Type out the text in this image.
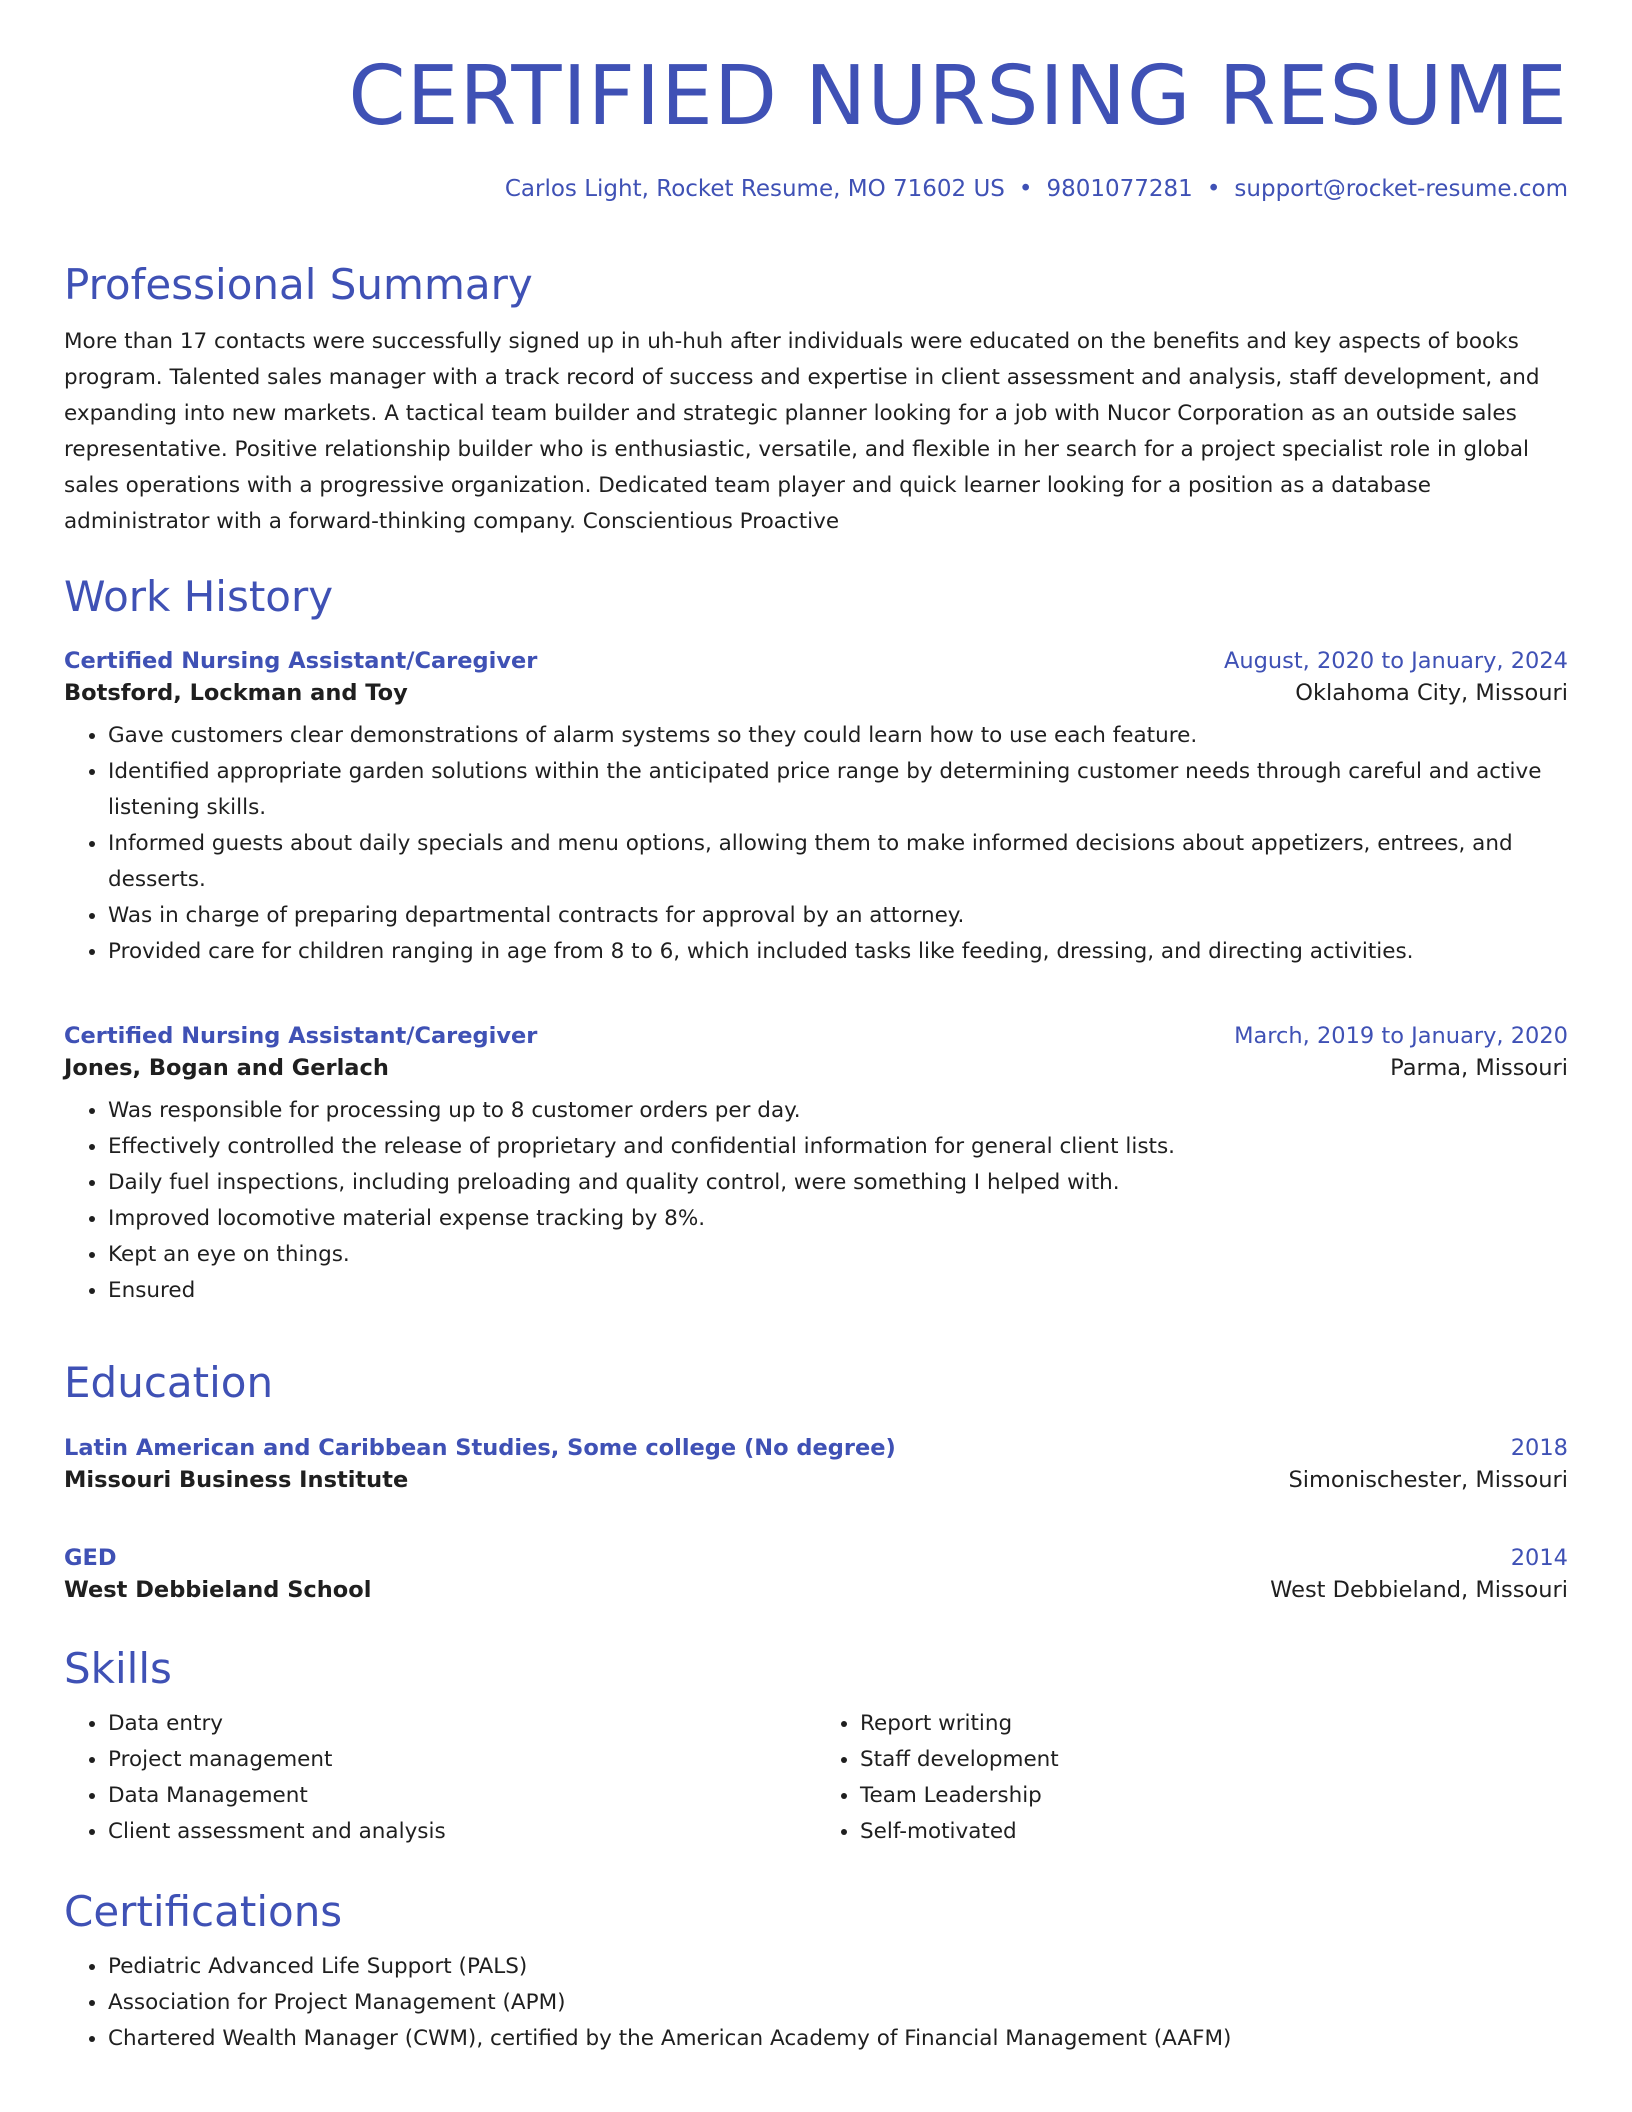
CERTIFIED NURSING RESUME
Carlos Light, Rocket Resume, MO 71602 US • 9801077281 • support@rocket-resume.com
Professional Summary

More than 17 contacts were successfully signed up in uh-huh after individuals were educated on the benefits and key aspects of books program. Talented sales manager with a track record of success and expertise in client assessment and analysis, staff development, and expanding into new markets. A tactical team builder and strategic planner looking for a job with Nucor Corporation as an outside sales representative. Positive relationship builder who is enthusiastic, versatile, and flexible in her search for a project specialist role in global sales operations with a progressive organization. Dedicated team player and quick learner looking for a position as a database administrator with a forward-thinking company. Conscientious Proactive

Work History
Certified Nursing Assistant/Caregiver	August, 2020 to January, 2024
Botsford, Lockman and Toy	Oklahoma City, Missouri
• Gave customers clear demonstrations of alarm systems so they could learn how to use each feature.
• Identified appropriate garden solutions within the anticipated price range by determining customer needs through careful and active listening skills.
• Informed guests about daily specials and menu options, allowing them to make informed decisions about appetizers, entrees, and desserts.
• Was in charge of preparing departmental contracts for approval by an attorney.
• Provided care for children ranging in age from 8 to 6, which included tasks like feeding, dressing, and directing activities.
Certified Nursing Assistant/Caregiver	March, 2019 to January, 2020
Jones, Bogan and Gerlach	Parma, Missouri
• Was responsible for processing up to 8 customer orders per day.
• Effectively controlled the release of proprietary and confidential information for general client lists.
• Daily fuel inspections, including preloading and quality control, were something I helped with.
• Improved locomotive material expense tracking by 8%.
• Kept an eye on things.
• Ensured
Education
Latin American and Caribbean Studies, Some college (No degree)	2018
Missouri Business Institute	Simonischester, Missouri
GED	2014
West Debbieland School	West Debbieland, Missouri
Skills
• Data entry
• Project management
• Data Management
• Client assessment and analysis
• Report writing
• Staff development
• Team Leadership
• Self-motivated
Certifications
• Pediatric Advanced Life Support (PALS)
• Association for Project Management (APM)
• Chartered Wealth Manager (CWM), certified by the American Academy of Financial Management (AAFM)
